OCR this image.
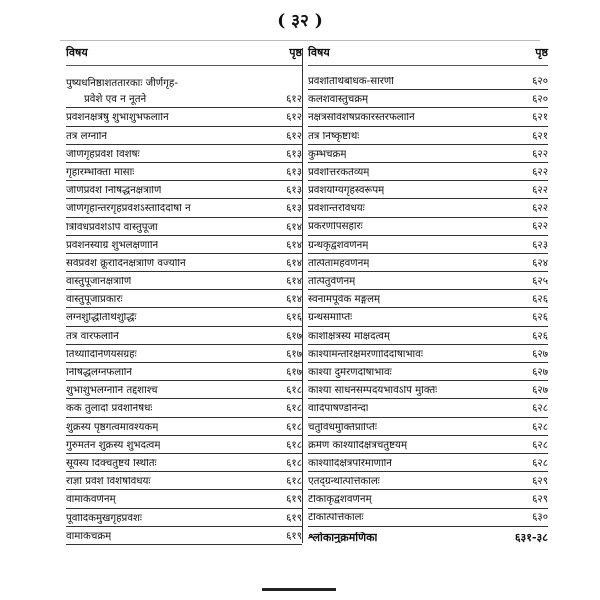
( ३२ )
विषय	पृष्ठ
पुष्यधनिष्ठाशततारकाः जीर्णगृह-
प्रवेशे एव न नूतने	६१२
प्रवेशनक्षत्रेषु शुभाशुभफलानि	६१२
तत्र लग्नानि	६१२
जीर्णगृहप्रवेशे विशेषः	६१३
गृहारम्भोक्ता मासाः	६१३
जीर्णप्रवेशे निषिद्धनक्षत्राणि	६१३
जीर्णगृहान्तरगृहप्रवेशेऽस्तादिदोषो न	६१३
त्रिविधप्रवेशेऽपि वास्तुपूजा	६१४
प्रवेशनस्याग्रे शुभलक्षणानि	६१४
सर्वप्रवेशे क्रूरादिनक्षत्राणि वर्ज्यानि	६१४
वास्तुपूजानक्षत्राणि	६१४
वास्तुपूजाप्रकारः	६१४
लग्नशुद्धितिथिशुद्धिः	६१६
तत्र वारफलानि	६१७
तिथ्यादिनिर्णयसंग्रहः	६१७
निषिद्धलग्नफलानि	६१७
शुभाशुभलग्नानि तद्दशाश्च	६१८
कर्के तुलादौ प्रवेशनिषेधः	६१८
शुक्रस्य पृष्ठगत्वमावश्यकम्	६१८
गुरुमतेन शुक्रस्य शुभदत्वम्	६१८
सूर्यस्य दिक्चतुष्टये स्थितिः	६१८
राज्ञो प्रवेशे विशेषविधयः	६१८
वामार्कवर्णनम्	६१९
पूर्वादिकमुखगृहप्रवेशः	६१९
वामार्कचक्रम्	६१९
विषय	पृष्ठ
प्रवेशतिथिबोधक-सारणी	६२०
कलशवास्तुचक्रम्	६२०
नक्षत्रसविशेषप्रकारस्तरफलानि	६२१
तत्र निष्कृष्टार्थः	६२१
कुम्भचक्रम्	६२२
प्रवेशोत्तरकर्तव्यम्	६२२
प्रवेशयोग्यगृहस्वरूपम्	६२२
प्रवेशान्तरविधयः	६२२
प्रकरणोपसंहारः	६२२
ग्रन्थकृद्वंशवर्णनम्	६२३
तत्पितामहवर्णनम्	६२४
तत्पितुर्वर्णनम्	६२५
स्वनामपूर्वकं मङ्गलम्	६२६
ग्रन्थसमाप्तिः	६२६
काशीक्षेत्रस्य मोक्षदत्वम्	६२६
काश्यामन्तरिक्षमरणादिदोषाभावः	६२७
काश्यां दुर्मरणदोषाभावः	६२७
काश्यां साधनसम्पदयभावेऽपि मुक्तिः	६२७
वादिपाषण्डनिन्दा	६२८
चतुर्विधमुक्तिप्राप्तिः	६२८
क्रमेण काश्यादिक्षेत्रचतुष्टयम्	६२८
काश्यादिक्षेत्रपरिमाणानि	६२८
एतद्ग्रन्थोत्पत्तिकालः	६२९
टीकाकृद्वंशवर्णनम्	६२९
टीकोत्पत्तिकालः	६३०
श्लोकानुक्रमणिका	६३१-३८
